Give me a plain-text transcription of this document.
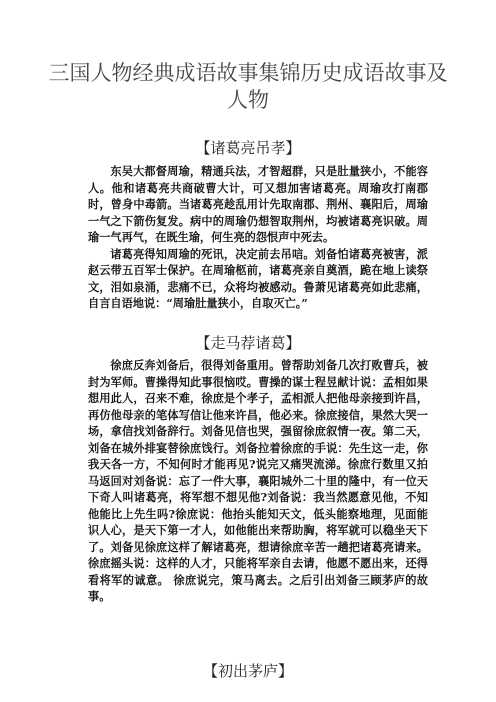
三国人物经典成语故事集锦历史成语故事及人物
【诸葛亮吊孝】

东吴大都督周瑜，精通兵法，才智超群，只是肚量狭小，不能容人。他和诸葛亮共商破曹大计，可又想加害诸葛亮。周瑜攻打南郡时，曾身中毒箭。当诸葛亮趁乱用计先取南郡、荆州、襄阳后，周瑜一气之下箭伤复发。病中的周瑜仍想智取荆州，均被诸葛亮识破。周瑜一气再气，在既生瑜，何生亮的怨恨声中死去。

诸葛亮得知周瑜的死讯，决定前去吊唁。刘备怕诸葛亮被害，派赵云带五百军士保护。在周瑜柩前，诸葛亮亲自奠酒，跪在地上读祭文，泪如泉涌，悲痛不已，众将均被感动。鲁萧见诸葛亮如此悲痛，自言自语地说：“周瑜肚量狭小，自取灭亡。”

【走马荐诸葛】

徐庶反奔刘备后，很得刘备重用。曾帮助刘备几次打败曹兵，被封为军师。曹操得知此事很恼哎。曹操的谋士程昱献计说：孟相如果想用此人，召来不难，徐庶是个孝子，孟相派人把他母亲接到许昌，再仿他母亲的笔体写信让他来许昌，他必来。徐庶接信，果然大哭一场，拿信找刘备辞行。刘备见信也哭，强留徐庶叙情一夜。第二天，刘备在城外排宴替徐庶饯行。刘备拉着徐庶的手说：先生这一走，你我天各一方，不知何时才能再见?说完又痛哭流涕。徐庶行数里又拍马返回对刘备说：忘了一件大事，襄阳城外二十里的隆中，有一位天下奇人叫诸葛亮，将军想不想见他?刘备说：我当然愿意见他，不知他能比上先生吗?徐庶说：他抬头能知天文，低头能察地理，见面能识人心，是天下第一才人，如他能出来帮助胸，将军就可以稳坐天下了。刘备见徐庶这样了解诸葛亮，想请徐庶辛苦一趟把诸葛亮请来。徐庶摇头说：这样的人才，只能将军亲自去请，他愿不愿出来，还得看将军的诚意。 徐庶说完，策马离去。之后引出刘备三顾茅庐的故事。

【初出茅庐】
